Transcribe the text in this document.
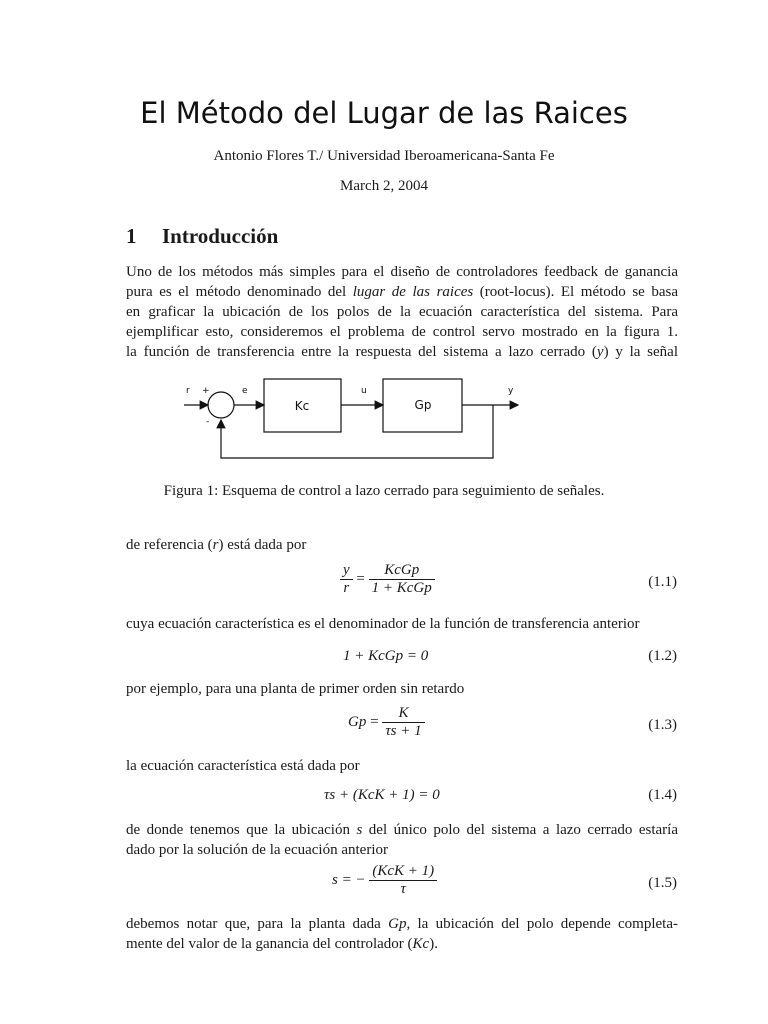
El Método del Lugar de las Raices
Antonio Flores T./ Universidad Iberoamericana-Santa Fe
March 2, 2004
1 Introducción
Uno de los métodos más simples para el diseño de controladores feedback de ganancia
pura es el método denominado del lugar de las raices (root-locus). El método se basa
en graficar la ubicación de los polos de la ecuación característica del sistema. Para
ejemplificar esto, consideremos el problema de control servo mostrado en la figura 1.
la función de transferencia entre la respuesta del sistema a lazo cerrado (y) y la señal
r +
-
e	u	y
Kc	Gp
Figura 1: Esquema de control a lazo cerrado para seguimiento de señales.
de referencia (r) está dada por
$\frac{y}{r} = \frac{\text{KcGp}}{\text{1 + KcGp}}$	(1.1)
cuya ecuación característica es el denominador de la función de transferencia anterior
1 + KcGp = 0	(1.2)
por ejemplo, para una planta de primer orden sin retardo
$Gp = \frac{K}{\tau s + 1}$	(1.3)
la ecuación característica está dada por
τs + (KcK + 1) = 0	(1.4)
de donde tenemos que la ubicación s del único polo del sistema a lazo cerrado estaría
dado por la solución de la ecuación anterior
s = − $\frac{\text{(KcK + 1)}}{\tau}$	(1.5)
debemos notar que, para la planta dada Gp, la ubicación del polo depende completa-
mente del valor de la ganancia del controlador (Kc).
